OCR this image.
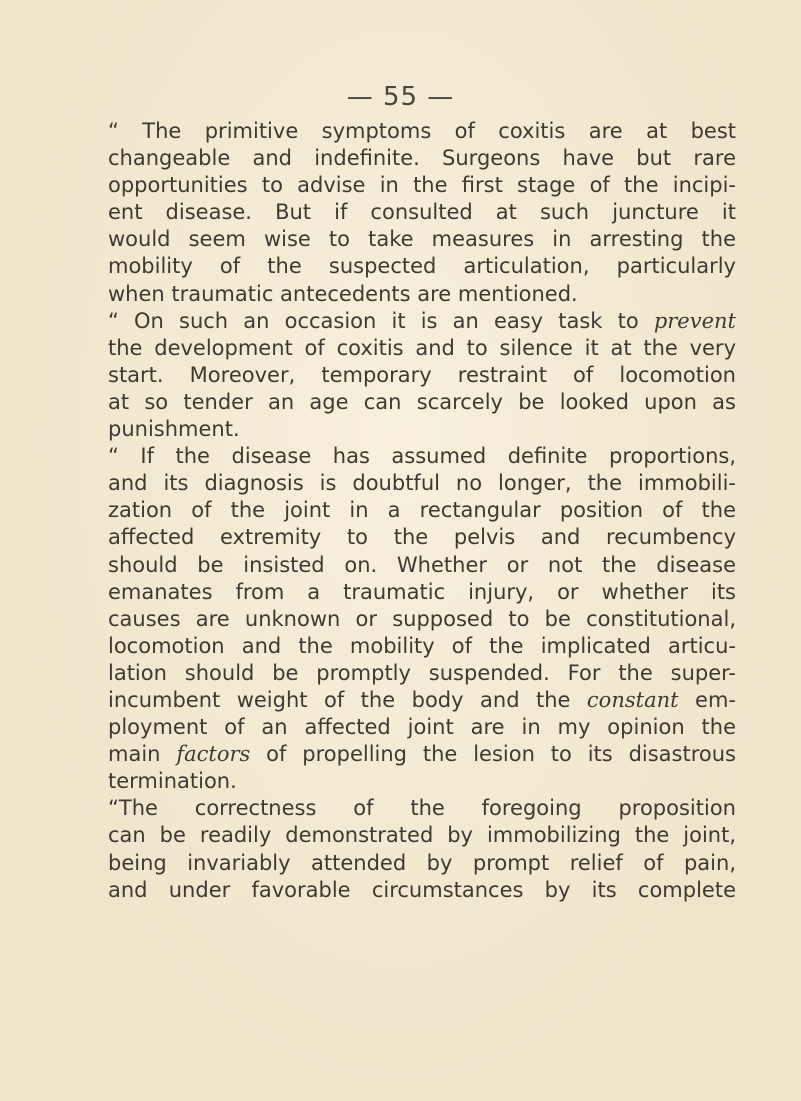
— 55 —
“ The primitive symptoms of coxitis are at best
changeable and indefinite. Surgeons have but rare
opportunities to advise in the first stage of the incipi-
ent disease. But if consulted at such juncture it
would seem wise to take measures in arresting the
mobility of the suspected articulation, particularly
when traumatic antecedents are mentioned.
“ On such an occasion it is an easy task to prevent
the development of coxitis and to silence it at the very
start. Moreover, temporary restraint of locomotion
at so tender an age can scarcely be looked upon as
punishment.
“ If the disease has assumed definite proportions,
and its diagnosis is doubtful no longer, the immobili-
zation of the joint in a rectangular position of the
affected extremity to the pelvis and recumbency
should be insisted on. Whether or not the disease
emanates from a traumatic injury, or whether its
causes are unknown or supposed to be constitutional,
locomotion and the mobility of the implicated articu-
lation should be promptly suspended. For the super-
incumbent weight of the body and the constant em-
ployment of an affected joint are in my opinion the
main factors of propelling the lesion to its disastrous
termination.
“The correctness of the foregoing proposition
can be readily demonstrated by immobilizing the joint,
being invariably attended by prompt relief of pain,
and under favorable circumstances by its complete
